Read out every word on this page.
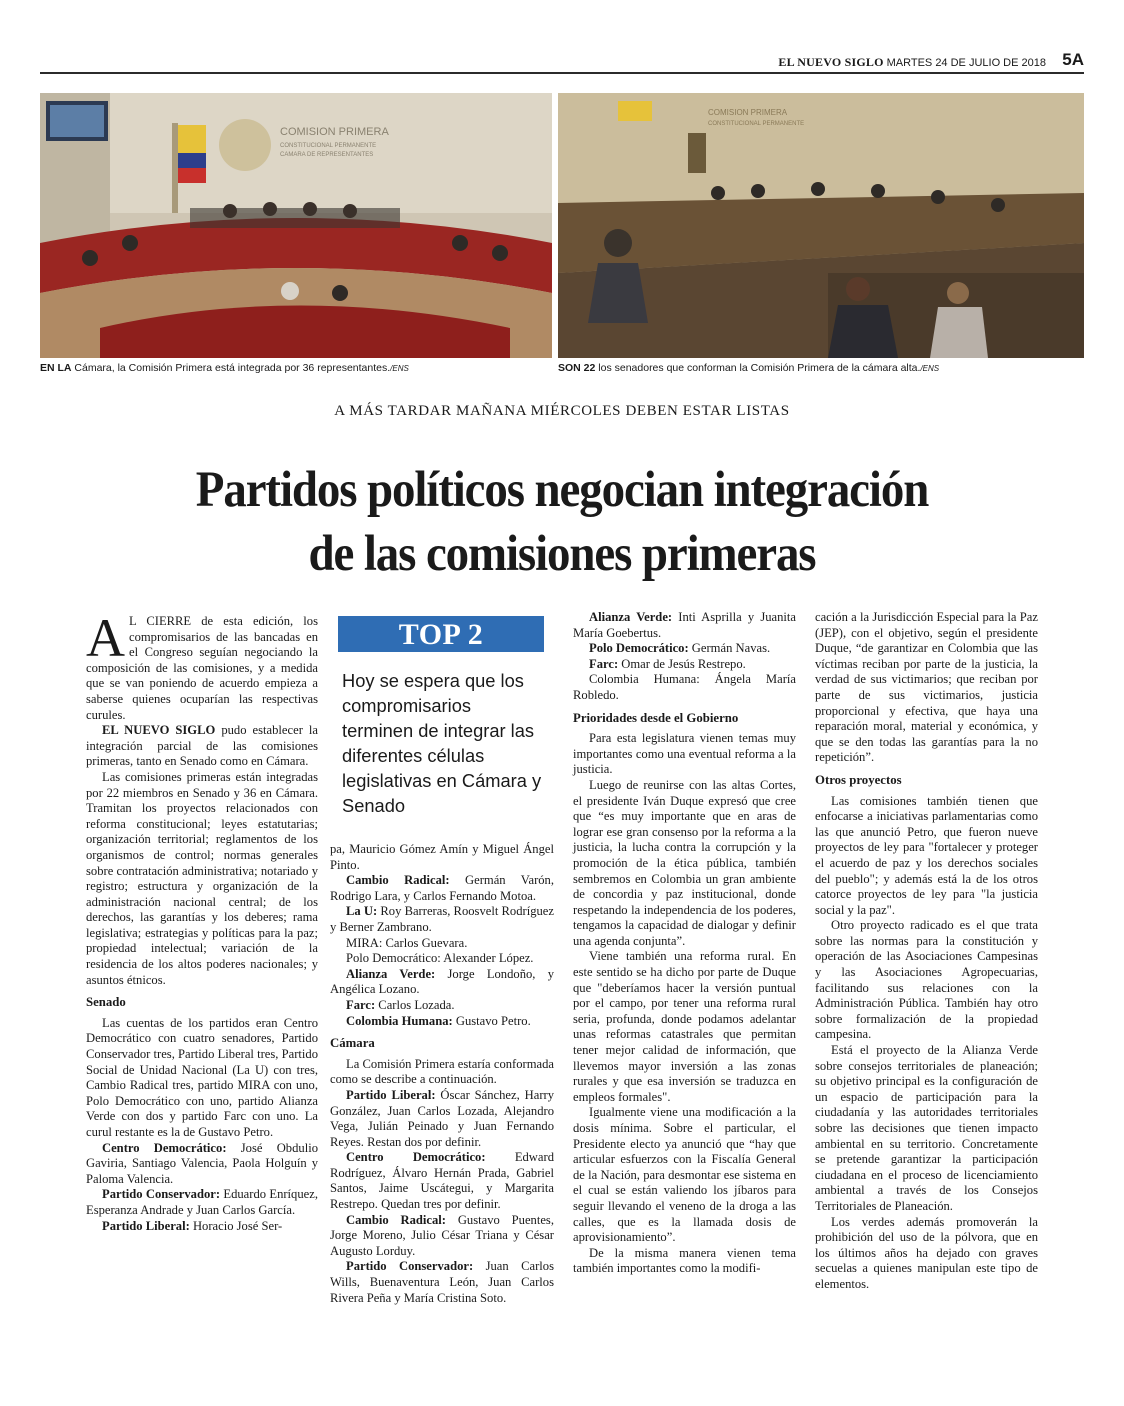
EL NUEVO SIGLO MARTES 24 DE JULIO DE 2018 5A
COMISION PRIMERA
CONSTITUCIONAL PERMANENTE
CAMARA DE REPRESENTANTES
EN LA Cámara, la Comisión Primera está integrada por 36 representantes./ENS
COMISION PRIMERA
CONSTITUCIONAL PERMANENTE
SON 22 los senadores que conforman la Comisión Primera de la cámara alta./ENS
A MÁS TARDAR MAÑANA MIÉRCOLES DEBEN ESTAR LISTAS
Partidos políticos negocian integración
de las comisiones primeras

A L CIERRE de esta edición, los compromisarios de las bancadas en el Congreso seguían negociando la composición de las comisiones, y a medida que se van poniendo de acuerdo empieza a saberse quienes ocuparían las respectivas curules.

EL NUEVO SIGLO pudo establecer la integración parcial de las comisiones primeras, tanto en Senado como en Cámara.

Las comisiones primeras están integradas por 22 miembros en Senado y 36 en Cámara. Tramitan los proyectos relacionados con reforma constitucional; leyes estatutarias; organización territorial; reglamentos de los organismos de control; normas generales sobre contratación administrativa; notariado y registro; estructura y organización de la administración nacional central; de los derechos, las garantías y los deberes; rama legislativa; estrategias y políticas para la paz; propiedad intelectual; variación de la residencia de los altos poderes nacionales; y asuntos étnicos.

Senado

Las cuentas de los partidos eran Centro Democrático con cuatro senadores, Partido Conservador tres, Partido Liberal tres, Partido Social de Unidad Nacional (La U) con tres, Cambio Radical tres, partido MIRA con uno, Polo Democrático con uno, partido Alianza Verde con dos y partido Farc con uno. La curul restante es la de Gustavo Petro.

Centro Democrático: José Obdulio Gaviria, Santiago Valencia, Paola Holguín y Paloma Valencia.

Partido Conservador: Eduardo Enríquez, Esperanza Andrade y Juan Carlos García.

Partido Liberal: Horacio José Ser-

TOP 2
Hoy se espera que los compromisarios terminen de integrar las diferentes células legislativas en Cámara y Senado

pa, Mauricio Gómez Amín y Miguel Ángel Pinto.

Cambio Radical: Germán Varón, Rodrigo Lara, y Carlos Fernando Motoa.

La U: Roy Barreras, Roosvelt Rodríguez y Berner Zambrano.

MIRA: Carlos Guevara.

Polo Democrático: Alexander López.

Alianza Verde: Jorge Londoño, y Angélica Lozano.

Farc: Carlos Lozada.

Colombia Humana: Gustavo Petro.

Cámara

La Comisión Primera estaría conformada como se describe a continuación.

Partido Liberal: Óscar Sánchez, Harry González, Juan Carlos Lozada, Alejandro Vega, Julián Peinado y Juan Fernando Reyes. Restan dos por definir.

Centro Democrático: Edward Rodríguez, Álvaro Hernán Prada, Gabriel Santos, Jaime Uscátegui, y Margarita Restrepo. Quedan tres por definir.

Cambio Radical: Gustavo Puentes, Jorge Moreno, Julio César Triana y César Augusto Lorduy.

Partido Conservador: Juan Carlos Wills, Buenaventura León, Juan Carlos Rivera Peña y María Cristina Soto.

Alianza Verde: Inti Asprilla y Juanita María Goebertus.

Polo Democrático: Germán Navas.

Farc: Omar de Jesús Restrepo.

Colombia Humana: Ángela María Robledo.

Prioridades desde el Gobierno

Para esta legislatura vienen temas muy importantes como una eventual reforma a la justicia.

Luego de reunirse con las altas Cortes, el presidente Iván Duque expresó que cree que “es muy importante que en aras de lograr ese gran consenso por la reforma a la justicia, la lucha contra la corrupción y la promoción de la ética pública, también sembremos en Colombia un gran ambiente de concordia y paz institucional, donde respetando la independencia de los poderes, tengamos la capacidad de dialogar y definir una agenda conjunta”.

Viene también una reforma rural. En este sentido se ha dicho por parte de Duque que "deberíamos hacer la versión puntual por el campo, por tener una reforma rural seria, profunda, donde podamos adelantar unas reformas catastrales que permitan tener mejor calidad de información, que llevemos mayor inversión a las zonas rurales y que esa inversión se traduzca en empleos formales".

Igualmente viene una modificación a la dosis mínima. Sobre el particular, el Presidente electo ya anunció que “hay que articular esfuerzos con la Fiscalía General de la Nación, para desmontar ese sistema en el cual se están valiendo los jíbaros para seguir llevando el veneno de la droga a las calles, que es la llamada dosis de aprovisionamiento”.

De la misma manera vienen tema también importantes como la modifi-

cación a la Jurisdicción Especial para la Paz (JEP), con el objetivo, según el presidente Duque, “de garantizar en Colombia que las víctimas reciban por parte de la justicia, la verdad de sus victimarios; que reciban por parte de sus victimarios, justicia proporcional y efectiva, que haya una reparación moral, material y económica, y que se den todas las garantías para la no repetición”.

Otros proyectos

Las comisiones también tienen que enfocarse a iniciativas parlamentarias como las que anunció Petro, que fueron nueve proyectos de ley para "fortalecer y proteger el acuerdo de paz y los derechos sociales del pueblo"; y además está la de los otros catorce proyectos de ley para "la justicia social y la paz".

Otro proyecto radicado es el que trata sobre las normas para la constitución y operación de las Asociaciones Campesinas y las Asociaciones Agropecuarias, facilitando sus relaciones con la Administración Pública. También hay otro sobre formalización de la propiedad campesina.

Está el proyecto de la Alianza Verde sobre consejos territoriales de planeación; su objetivo principal es la configuración de un espacio de participación para la ciudadanía y las autoridades territoriales sobre las decisiones que tienen impacto ambiental en su territorio. Concretamente se pretende garantizar la participación ciudadana en el proceso de licenciamiento ambiental a través de los Consejos Territoriales de Planeación.

Los verdes además promoverán la prohibición del uso de la pólvora, que en los últimos años ha dejado con graves secuelas a quienes manipulan este tipo de elementos.
